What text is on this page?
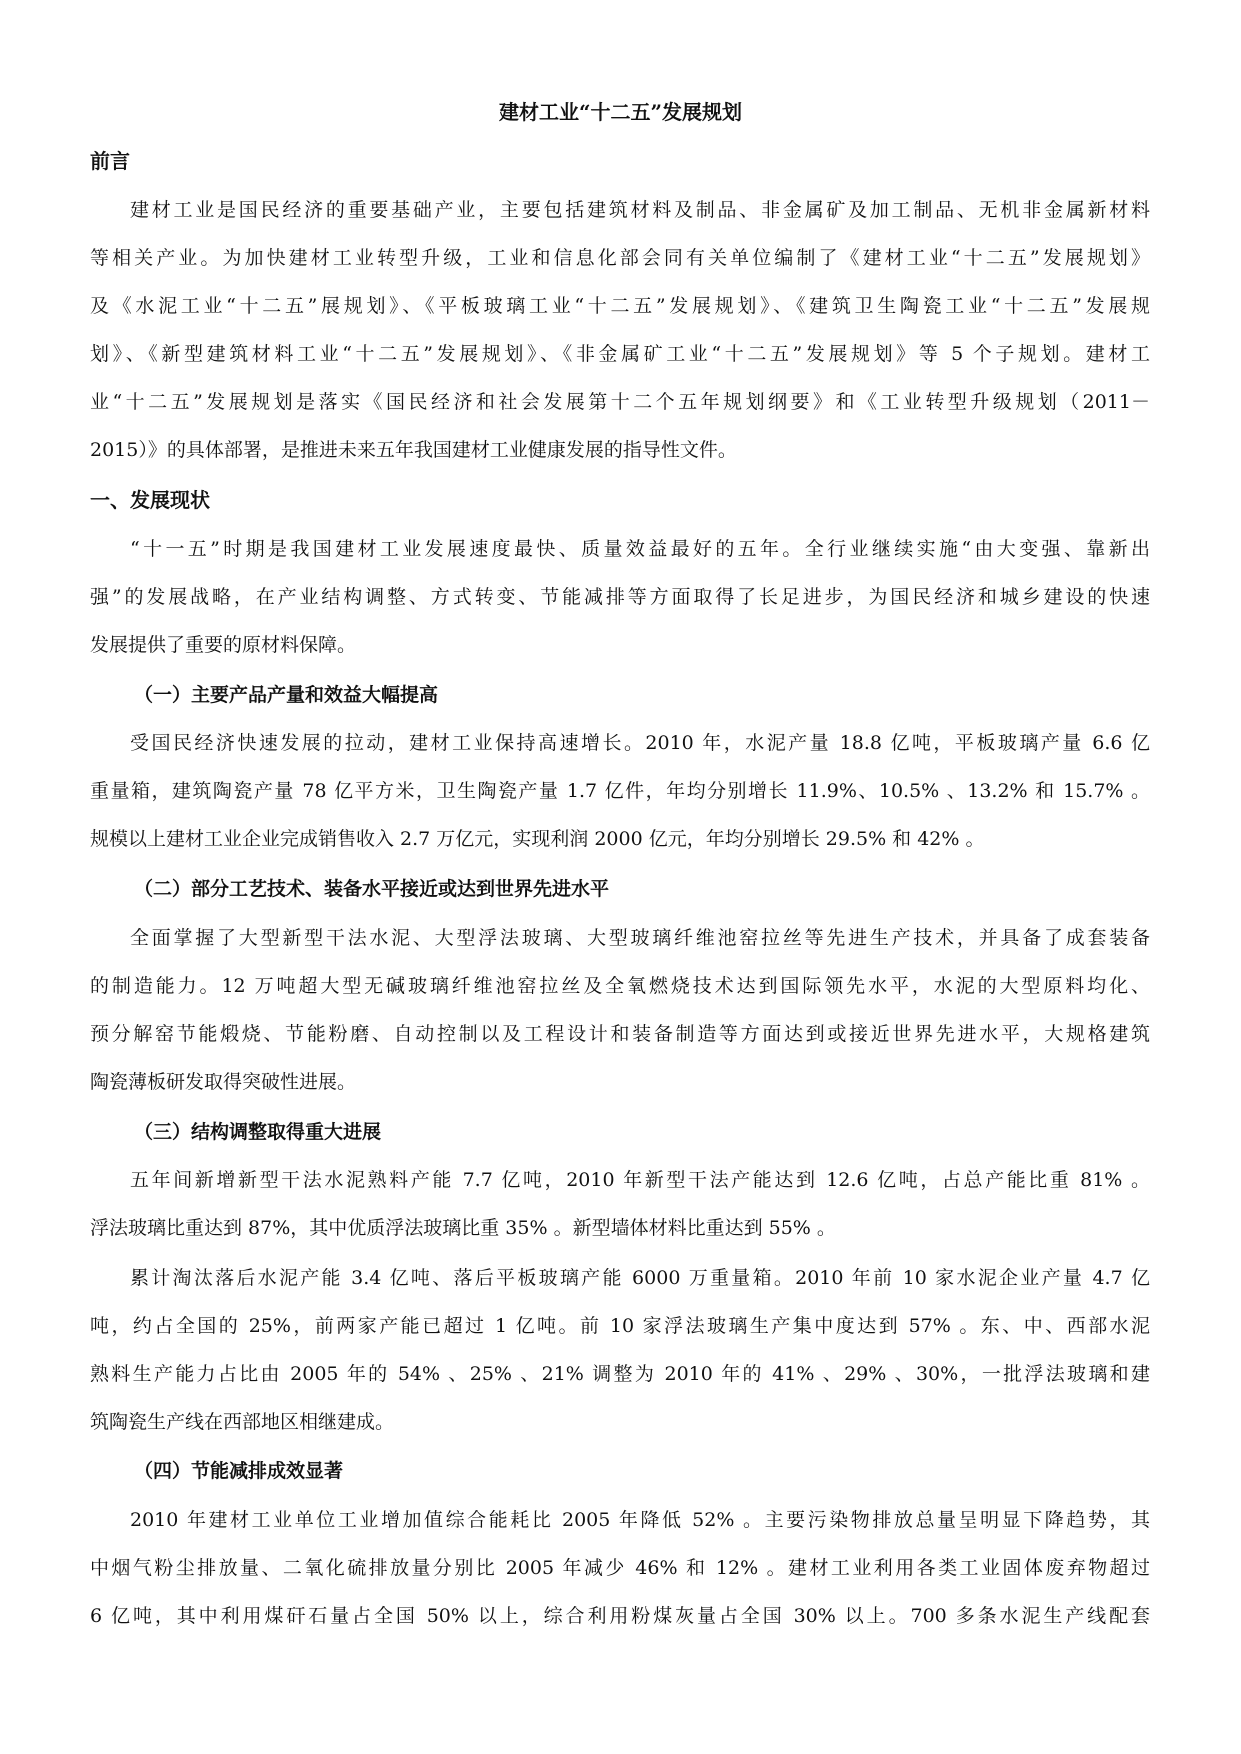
建材工业“十二五”发展规划
前言
建材工业是国民经济的重要基础产业，主要包括建筑材料及制品、非金属矿及加工制品、无机非金属新材料
等相关产业。为加快建材工业转型升级，工业和信息化部会同有关单位编制了《建材工业“十二五”发展规划》
及《水泥工业“十二五”展规划》、《平板玻璃工业“十二五”发展规划》、《建筑卫生陶瓷工业“十二五”发展规
划》、《新型建筑材料工业“十二五”发展规划》、《非金属矿工业“十二五”发展规划》等 5 个子规划。建材工
业“十二五”发展规划是落实《国民经济和社会发展第十二个五年规划纲要》和《工业转型升级规划（2011－
2015）》的具体部署，是推进未来五年我国建材工业健康发展的指导性文件。
一、发展现状
“十一五”时期是我国建材工业发展速度最快、质量效益最好的五年。全行业继续实施“由大变强、靠新出
强”的发展战略，在产业结构调整、方式转变、节能减排等方面取得了长足进步，为国民经济和城乡建设的快速
发展提供了重要的原材料保障。
（一）主要产品产量和效益大幅提高
受国民经济快速发展的拉动，建材工业保持高速增长。2010 年，水泥产量 18.8 亿吨，平板玻璃产量 6.6 亿
重量箱，建筑陶瓷产量 78 亿平方米，卫生陶瓷产量 1.7 亿件，年均分别增长 11.9%、10.5% 、13.2% 和 15.7% 。
规模以上建材工业企业完成销售收入 2.7 万亿元，实现利润 2000 亿元，年均分别增长 29.5% 和 42% 。
（二）部分工艺技术、装备水平接近或达到世界先进水平
全面掌握了大型新型干法水泥、大型浮法玻璃、大型玻璃纤维池窑拉丝等先进生产技术，并具备了成套装备
的制造能力。12 万吨超大型无碱玻璃纤维池窑拉丝及全氧燃烧技术达到国际领先水平，水泥的大型原料均化、
预分解窑节能煅烧、节能粉磨、自动控制以及工程设计和装备制造等方面达到或接近世界先进水平，大规格建筑
陶瓷薄板研发取得突破性进展。
（三）结构调整取得重大进展
五年间新增新型干法水泥熟料产能 7.7 亿吨，2010 年新型干法产能达到 12.6 亿吨，占总产能比重 81% 。
浮法玻璃比重达到 87%，其中优质浮法玻璃比重 35% 。新型墙体材料比重达到 55% 。
累计淘汰落后水泥产能 3.4 亿吨、落后平板玻璃产能 6000 万重量箱。2010 年前 10 家水泥企业产量 4.7 亿
吨，约占全国的 25%，前两家产能已超过 1 亿吨。前 10 家浮法玻璃生产集中度达到 57% 。东、中、西部水泥
熟料生产能力占比由 2005 年的 54% 、25% 、21% 调整为 2010 年的 41% 、29% 、30%，一批浮法玻璃和建
筑陶瓷生产线在西部地区相继建成。
（四）节能减排成效显著
2010 年建材工业单位工业增加值综合能耗比 2005 年降低 52% 。主要污染物排放总量呈明显下降趋势，其
中烟气粉尘排放量、二氧化硫排放量分别比 2005 年减少 46% 和 12% 。建材工业利用各类工业固体废弃物超过
6 亿吨，其中利用煤矸石量占全国 50% 以上，综合利用粉煤灰量占全国 30% 以上。700 多条水泥生产线配套
